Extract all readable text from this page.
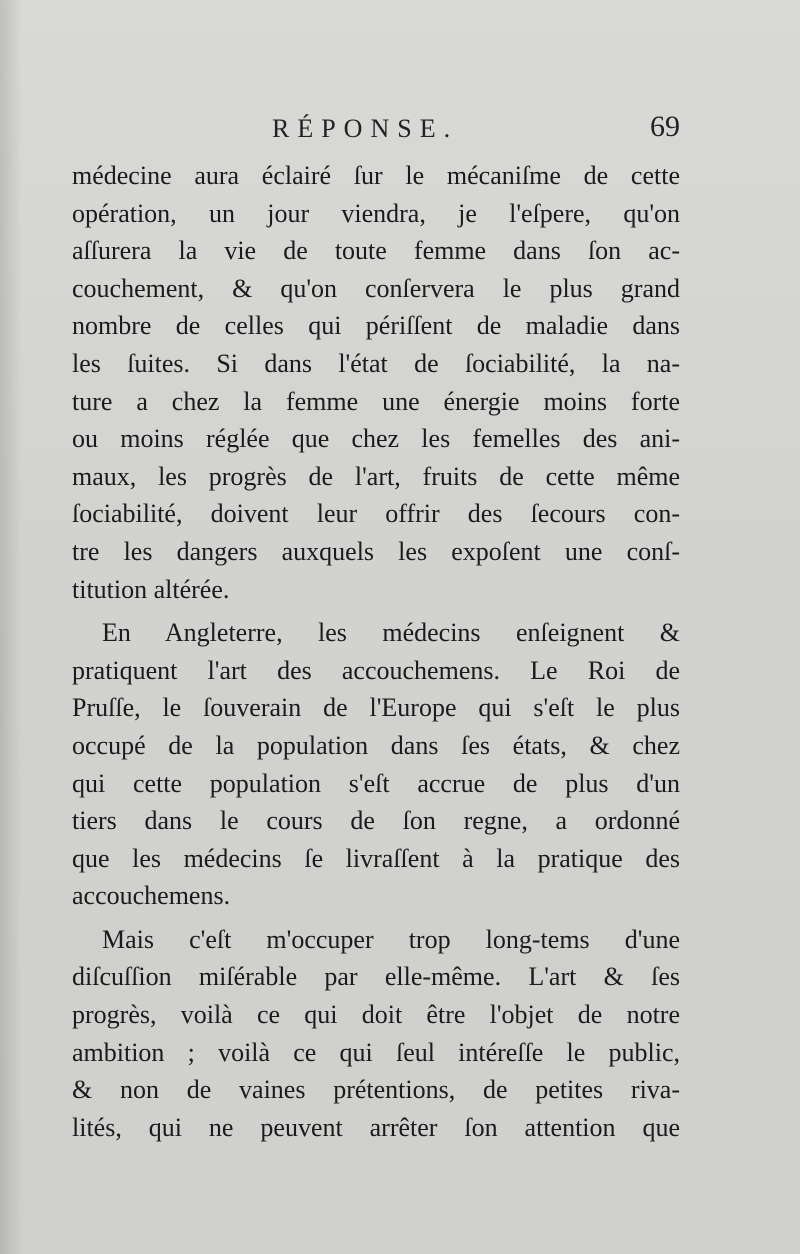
RÉPONSE.	69
médecine aura éclairé ſur le mécaniſme de cette
opération, un jour viendra, je l'eſpere, qu'on
aſſurera la vie de toute femme dans ſon ac-
couchement, & qu'on conſervera le plus grand
nombre de celles qui périſſent de maladie dans
les ſuites. Si dans l'état de ſociabilité, la na-
ture a chez la femme une énergie moins forte
ou moins réglée que chez les femelles des ani-
maux, les progrès de l'art, fruits de cette même
ſociabilité, doivent leur offrir des ſecours con-
tre les dangers auxquels les expoſent une conſ-
titution altérée.
En Angleterre, les médecins enſeignent &
pratiquent l'art des accouchemens. Le Roi de
Pruſſe, le ſouverain de l'Europe qui s'eſt le plus
occupé de la population dans ſes états, & chez
qui cette population s'eſt accrue de plus d'un
tiers dans le cours de ſon regne, a ordonné
que les médecins ſe livraſſent à la pratique des
accouchemens.
Mais c'eſt m'occuper trop long-tems d'une
diſcuſſion miſérable par elle-même. L'art & ſes
progrès, voilà ce qui doit être l'objet de notre
ambition ; voilà ce qui ſeul intéreſſe le public,
& non de vaines prétentions, de petites riva-
lités, qui ne peuvent arrêter ſon attention que
